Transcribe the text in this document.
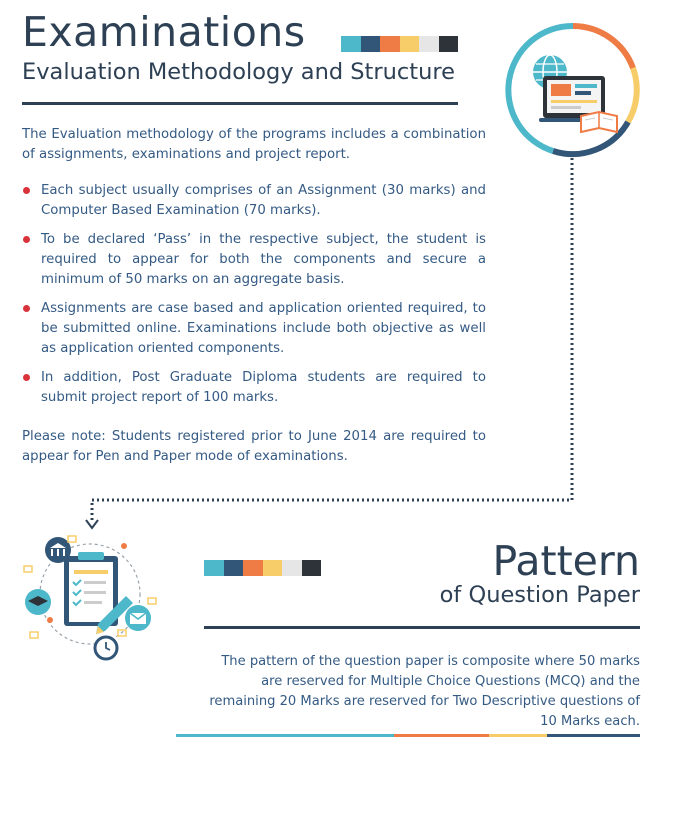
Examinations
Evaluation Methodology and Structure
The Evaluation methodology of the programs includes a combination of assignments, examinations and project report.
Each subject usually comprises of an Assignment (30 marks) and Computer Based Examination (70 marks).
To be declared ‘Pass’ in the respective subject, the student is required to appear for both the components and secure a minimum of 50 marks on an aggregate basis.
Assignments are case based and application oriented required, to be submitted online. Examinations include both objective as well as application oriented components.
In addition, Post Graduate Diploma students are required to submit project report of 100 marks.
Please note: Students registered prior to June 2014 are required to appear for Pen and Paper mode of examinations.
Pattern
of Question Paper
The pattern of the question paper is composite where 50 marks are reserved for Multiple Choice Questions (MCQ) and the remaining 20 Marks are reserved for Two Descriptive questions of 10 Marks each.
